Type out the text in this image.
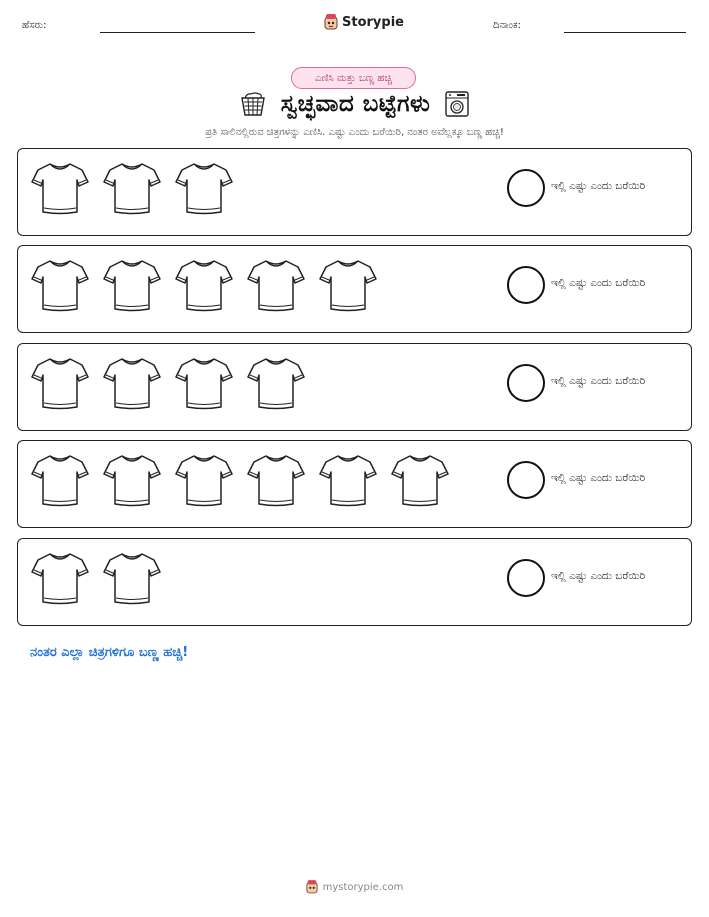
ಹೆಸರು:	Storypie	ದಿನಾಂಕ:
ಎಣಿಸಿ ಮತ್ತು ಬಣ್ಣ ಹಚ್ಚಿ
ಸ್ವಚ್ಛವಾದ ಬಟ್ಟೆಗಳು
ಪ್ರತಿ ಸಾಲಿನಲ್ಲಿರುವ ಚಿತ್ರಗಳನ್ನು ಎಣಿಸಿ. ಎಷ್ಟು ಎಂದು ಬರೆಯಿರಿ, ನಂತರ ಅವೆಲ್ಲಕ್ಕೂ ಬಣ್ಣ ಹಚ್ಚಿ!
ಇಲ್ಲಿ ಎಷ್ಟು ಎಂದು ಬರೆಯಿರಿ
ಇಲ್ಲಿ ಎಷ್ಟು ಎಂದು ಬರೆಯಿರಿ
ಇಲ್ಲಿ ಎಷ್ಟು ಎಂದು ಬರೆಯಿರಿ
ಇಲ್ಲಿ ಎಷ್ಟು ಎಂದು ಬರೆಯಿರಿ
ಇಲ್ಲಿ ಎಷ್ಟು ಎಂದು ಬರೆಯಿರಿ
ನಂತರ ಎಲ್ಲಾ ಚಿತ್ರಗಳಿಗೂ ಬಣ್ಣ ಹಚ್ಚಿ!
mystorypie.com
